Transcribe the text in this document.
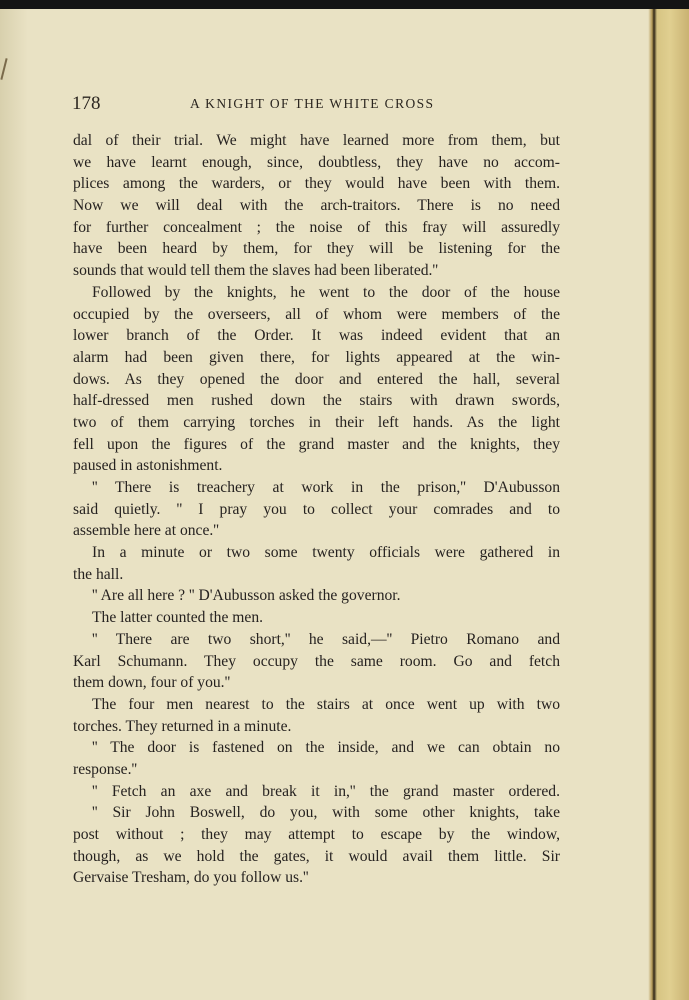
178	A KNIGHT OF THE WHITE CROSS
dal of their trial. We might have learned more from them, but
we have learnt enough, since, doubtless, they have no accom-
plices among the warders, or they would have been with them.
Now we will deal with the arch-traitors. There is no need
for further concealment ; the noise of this fray will assuredly
have been heard by them, for they will be listening for the
sounds that would tell them the slaves had been liberated.''
Followed by the knights, he went to the door of the house
occupied by the overseers, all of whom were members of the
lower branch of the Order. It was indeed evident that an
alarm had been given there, for lights appeared at the win-
dows. As they opened the door and entered the hall, several
half-dressed men rushed down the stairs with drawn swords,
two of them carrying torches in their left hands. As the light
fell upon the figures of the grand master and the knights, they
paused in astonishment.
'' There is treachery at work in the prison,'' D'Aubusson
said quietly. '' I pray you to collect your comrades and to
assemble here at once.''
In a minute or two some twenty officials were gathered in
the hall.
'' Are all here ? '' D'Aubusson asked the governor.
The latter counted the men.
'' There are two short,'' he said,—'' Pietro Romano and
Karl Schumann. They occupy the same room. Go and fetch
them down, four of you.''
The four men nearest to the stairs at once went up with two
torches. They returned in a minute.
'' The door is fastened on the inside, and we can obtain no
response.''
'' Fetch an axe and break it in,'' the grand master ordered.
'' Sir John Boswell, do you, with some other knights, take
post without ; they may attempt to escape by the window,
though, as we hold the gates, it would avail them little. Sir
Gervaise Tresham, do you follow us.''
